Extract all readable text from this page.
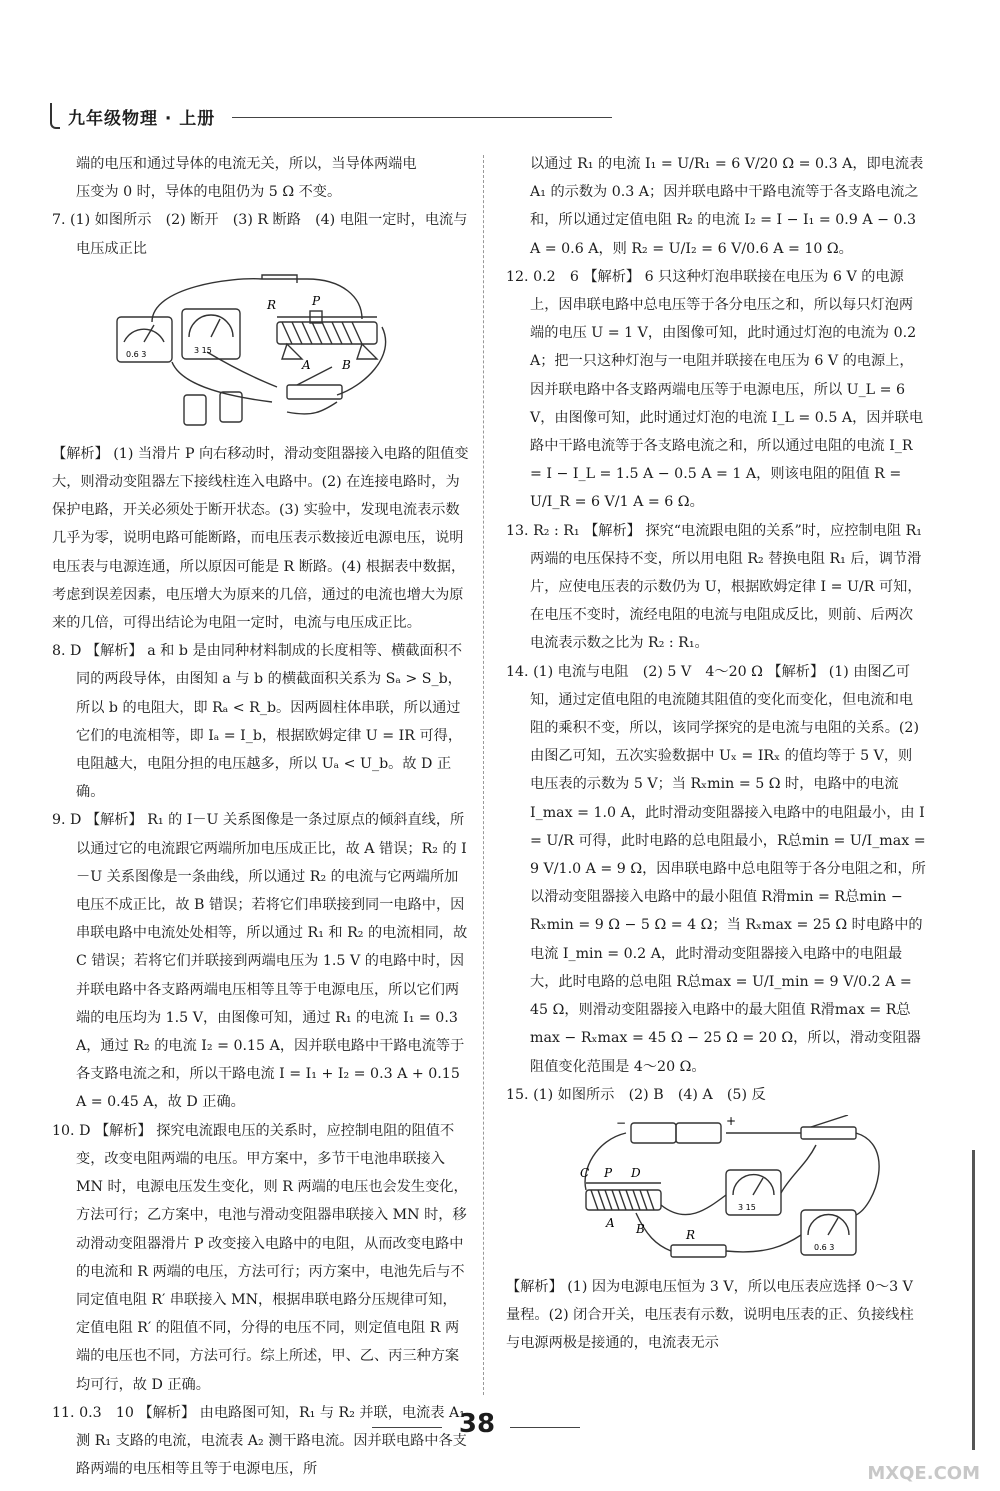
九年级物理 · 上册

端的电压和通过导体的电流无关，所以，当导体两端电

压变为 0 时，导体的电阻仍为 5 Ω 不变。

7. (1) 如图所示　(2) 断开　(3) R 断路　(4) 电阻一定时，电流与电压成正比

R	P
A	B
0.6 3	3 15

【解析】 (1) 当滑片 P 向右移动时，滑动变阻器接入电路的阻值变大，则滑动变阻器左下接线柱连入电路中。(2) 在连接电路时，为保护电路，开关必须处于断开状态。(3) 实验中，发现电流表示数几乎为零，说明电路可能断路，而电压表示数接近电源电压，说明电压表与电源连通，所以原因可能是 R 断路。(4) 根据表中数据，考虑到误差因素，电压增大为原来的几倍，通过的电流也增大为原来的几倍，可得出结论为电阻一定时，电流与电压成正比。

8. D 【解析】 a 和 b 是由同种材料制成的长度相等、横截面积不同的两段导体，由图知 a 与 b 的横截面积关系为 Sₐ > S_b，所以 b 的电阻大，即 Rₐ < R_b。因两圆柱体串联，所以通过它们的电流相等，即 Iₐ = I_b，根据欧姆定律 U = IR 可得，电阻越大，电阻分担的电压越多，所以 Uₐ < U_b。故 D 正确。

9. D 【解析】 R₁ 的 I－U 关系图像是一条过原点的倾斜直线，所以通过它的电流跟它两端所加电压成正比，故 A 错误；R₂ 的 I－U 关系图像是一条曲线，所以通过 R₂ 的电流与它两端所加电压不成正比，故 B 错误；若将它们串联接到同一电路中，因串联电路中电流处处相等，所以通过 R₁ 和 R₂ 的电流相同，故 C 错误；若将它们并联接到两端电压为 1.5 V 的电路中时，因并联电路中各支路两端电压相等且等于电源电压，所以它们两端的电压均为 1.5 V，由图像可知，通过 R₁ 的电流 I₁ = 0.3 A，通过 R₂ 的电流 I₂ = 0.15 A，因并联电路中干路电流等于各支路电流之和，所以干路电流 I = I₁ + I₂ = 0.3 A + 0.15 A = 0.45 A，故 D 正确。

10. D 【解析】 探究电流跟电压的关系时，应控制电阻的阻值不变，改变电阻两端的电压。甲方案中，多节干电池串联接入 MN 时，电源电压发生变化，则 R 两端的电压也会发生变化，方法可行；乙方案中，电池与滑动变阻器串联接入 MN 时，移动滑动变阻器滑片 P 改变接入电路中的电阻，从而改变电路中的电流和 R 两端的电压，方法可行；丙方案中，电池先后与不同定值电阻 R′ 串联接入 MN，根据串联电路分压规律可知，定值电阻 R′ 的阻值不同，分得的电压不同，则定值电阻 R 两端的电压也不同，方法可行。综上所述，甲、乙、丙三种方案均可行，故 D 正确。

11. 0.3　10 【解析】 由电路图可知，R₁ 与 R₂ 并联，电流表 A₁ 测 R₁ 支路的电流，电流表 A₂ 测干路电流。因并联电路中各支路两端的电压相等且等于电源电压，所

以通过 R₁ 的电流 I₁ = U/R₁ = 6 V/20 Ω = 0.3 A，即电流表 A₁ 的示数为 0.3 A；因并联电路中干路电流等于各支路电流之和，所以通过定值电阻 R₂ 的电流 I₂ = I − I₁ = 0.9 A − 0.3 A = 0.6 A，则 R₂ = U/I₂ = 6 V/0.6 A = 10 Ω。

12. 0.2　6 【解析】 6 只这种灯泡串联接在电压为 6 V 的电源上，因串联电路中总电压等于各分电压之和，所以每只灯泡两端的电压 U = 1 V，由图像可知，此时通过灯泡的电流为 0.2 A；把一只这种灯泡与一电阻并联接在电压为 6 V 的电源上，因并联电路中各支路两端电压等于电源电压，所以 U_L = 6 V，由图像可知，此时通过灯泡的电流 I_L = 0.5 A，因并联电路中干路电流等于各支路电流之和，所以通过电阻的电流 I_R = I − I_L = 1.5 A − 0.5 A = 1 A，则该电阻的阻值 R = U/I_R = 6 V/1 A = 6 Ω。

13. R₂ : R₁ 【解析】 探究“电流跟电阻的关系”时，应控制电阻 R₁ 两端的电压保持不变，所以用电阻 R₂ 替换电阻 R₁ 后，调节滑片，应使电压表的示数仍为 U，根据欧姆定律 I = U/R 可知，在电压不变时，流经电阻的电流与电阻成反比，则前、后两次电流表示数之比为 R₂ : R₁。

14. (1) 电流与电阻　(2) 5 V　4～20 Ω 【解析】 (1) 由图乙可知，通过定值电阻的电流随其阻值的变化而变化，但电流和电阻的乘积不变，所以，该同学探究的是电流与电阻的关系。(2) 由图乙可知，五次实验数据中 Uₓ = IRₓ 的值均等于 5 V，则电压表的示数为 5 V；当 Rₓmin = 5 Ω 时，电路中的电流 I_max = 1.0 A，此时滑动变阻器接入电路中的电阻最小，由 I = U/R 可得，此时电路的总电阻最小，R总min = U/I_max = 9 V/1.0 A = 9 Ω，因串联电路中总电阻等于各分电阻之和，所以滑动变阻器接入电路中的最小阻值 R滑min = R总min − Rₓmin = 9 Ω − 5 Ω = 4 Ω；当 Rₓmax = 25 Ω 时电路中的电流 I_min = 0.2 A，此时滑动变阻器接入电路中的电阻最大，此时电路的总电阻 R总max = U/I_min = 9 V/0.2 A = 45 Ω，则滑动变阻器接入电路中的最大阻值 R滑max = R总max − Rₓmax = 45 Ω − 25 Ω = 20 Ω，所以，滑动变阻器阻值变化范围是 4～20 Ω。

15. (1) 如图所示　(2) B　(4) A　(5) 反

C P D
A B	R
+
−
3 15
0.6 3

【解析】 (1) 因为电源电压恒为 3 V，所以电压表应选择 0～3 V 量程。(2) 闭合开关，电压表有示数，说明电压表的正、负接线柱与电源两极是接通的，电流表无示

38
MXQE.COM
